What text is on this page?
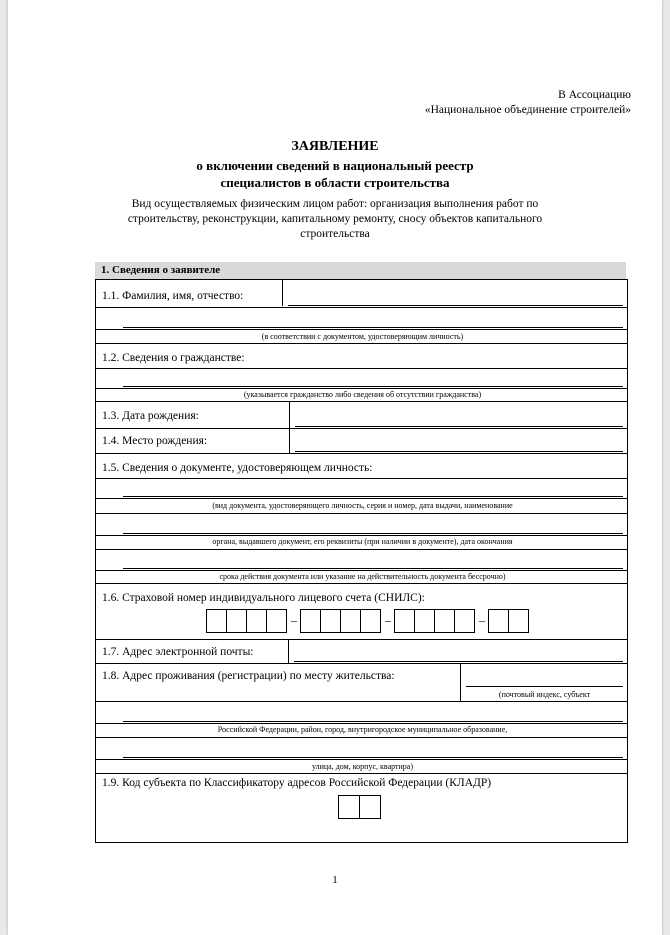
В Ассоциацию
«Национальное объединение строителей»
ЗАЯВЛЕНИЕ
о включении сведений в национальный реестр
специалистов в области строительства
Вид осуществляемых физическим лицом работ: организация выполнения работ по строительству, реконструкции, капитальному ремонту, сносу объектов капитального строительства
1. Сведения о заявителе
1.1. Фамилия, имя, отчество:
(в соответствии с документом, удостоверяющим личность)
1.2. Сведения о гражданстве:
(указывается гражданство либо сведения об отсутствии гражданства)
1.3. Дата рождения:
1.4. Место рождения:
1.5. Сведения о документе, удостоверяющем личность:
(вид документа, удостоверяющего личность, серия и номер, дата выдачи, наименование
органа, выдавшего документ, его реквизиты (при наличии в документе), дата окончания
срока действия документа или указание на действительность документа бессрочно)
1.6. Страховой номер индивидуального лицевого счета (СНИЛС):
–	–	–
1.7. Адрес электронной почты:
1.8. Адрес проживания (регистрации) по месту жительства:
(почтовый индекс, субъект
Российской Федерации, район, город, внутригородское муниципальное образование,
улица, дом, корпус, квартира)
1.9. Код субъекта по Классификатору адресов Российской Федерации (КЛАДР)
1
